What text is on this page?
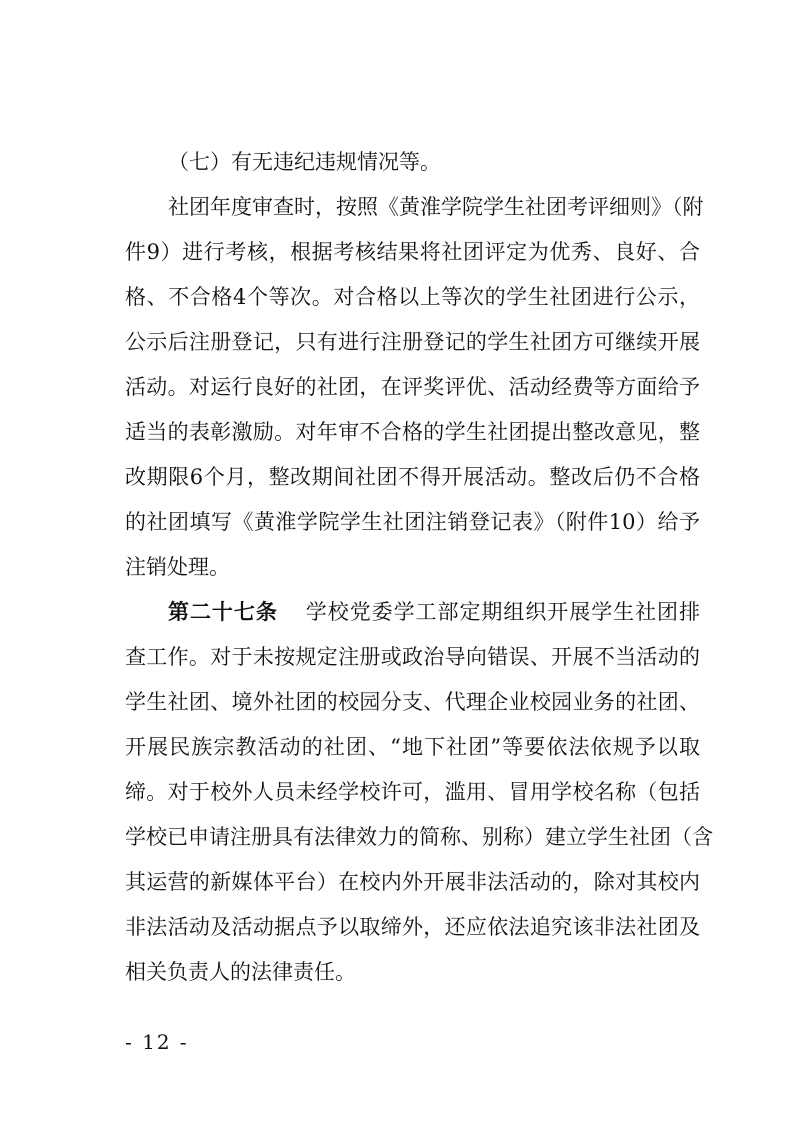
（七）有无违纪违规情况等。
社团年度审查时，按照《黄淮学院学生社团考评细则》（附
件9）进行考核，根据考核结果将社团评定为优秀、良好、合
格、不合格4个等次。对合格以上等次的学生社团进行公示，
公示后注册登记，只有进行注册登记的学生社团方可继续开展
活动。对运行良好的社团，在评奖评优、活动经费等方面给予
适当的表彰激励。对年审不合格的学生社团提出整改意见，整
改期限6个月，整改期间社团不得开展活动。整改后仍不合格
的社团填写《黄淮学院学生社团注销登记表》（附件10）给予
注销处理。
第二十七条 学校党委学工部定期组织开展学生社团排
查工作。对于未按规定注册或政治导向错误、开展不当活动的
学生社团、境外社团的校园分支、代理企业校园业务的社团、
开展民族宗教活动的社团、“地下社团”等要依法依规予以取
缔。对于校外人员未经学校许可，滥用、冒用学校名称（包括
学校已申请注册具有法律效力的简称、别称）建立学生社团（含
其运营的新媒体平台）在校内外开展非法活动的，除对其校内
非法活动及活动据点予以取缔外，还应依法追究该非法社团及
相关负责人的法律责任。
- 12 -
